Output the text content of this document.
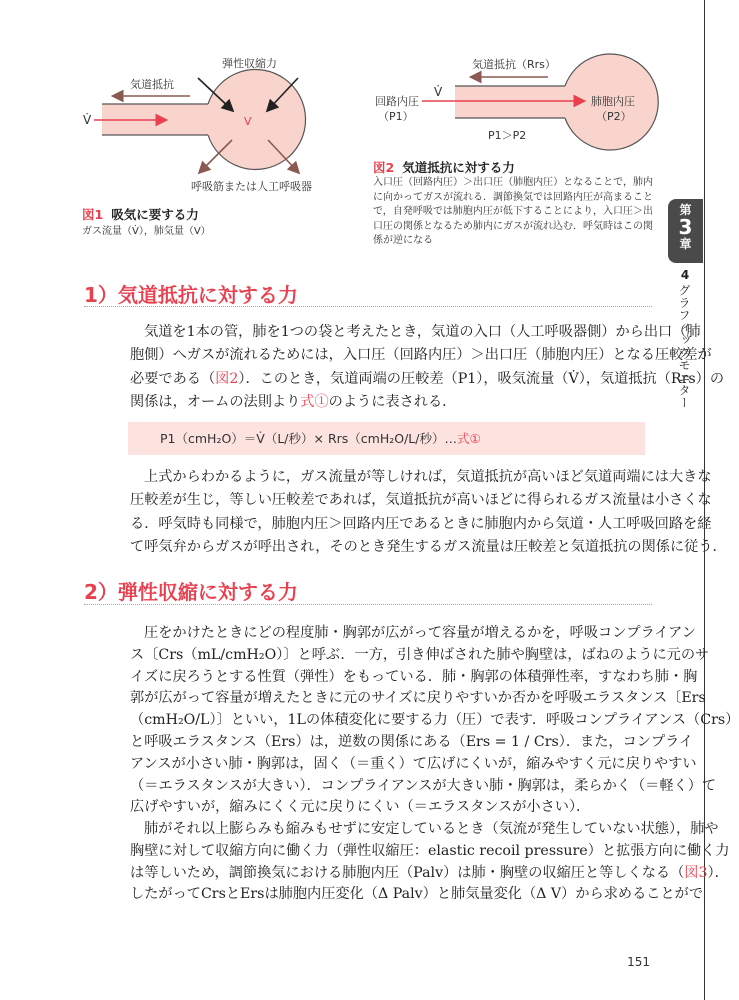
弾性収縮力
気道抵抗
V̇	V
呼吸筋または人工呼吸器
気道抵抗（Rrs）
V̇
回路内圧
（P1）
肺胞内圧
（P2）
P1＞P2
図1 吸気に要する力
ガス流量（V̇），肺気量（V）
図2 気道抵抗に対する力
入口圧（回路内圧）＞出口圧（肺胞内圧）となることで，肺内
に向かってガスが流れる．調節換気では回路内圧が高まること
で，自発呼吸では肺胞内圧が低下することにより，入口圧＞出
口圧の関係となるため肺内にガスが流れ込む．呼気時はこの関
係が逆になる
第
3
章
4
グラフィックモニター
1）気道抵抗に対する力
気道を1本の管，肺を1つの袋と考えたとき，気道の入口（人工呼吸器側）から出口（肺
胞側）へガスが流れるためには，入口圧（回路内圧）＞出口圧（肺胞内圧）となる圧較差が
必要である（図2）．このとき，気道両端の圧較差（P1），吸気流量（V̇），気道抵抗（Rrs）の
関係は，オームの法則より式①のように表される．
P1（cmH₂O）＝V̇（L/秒）× Rrs（cmH₂O/L/秒）…式①
上式からわかるように，ガス流量が等しければ，気道抵抗が高いほど気道両端には大きな
圧較差が生じ，等しい圧較差であれば，気道抵抗が高いほどに得られるガス流量は小さくな
る．呼気時も同様で，肺胞内圧＞回路内圧であるときに肺胞内から気道・人工呼吸回路を経
て呼気弁からガスが呼出され，そのとき発生するガス流量は圧較差と気道抵抗の関係に従う．
2）弾性収縮に対する力
圧をかけたときにどの程度肺・胸郭が広がって容量が増えるかを，呼吸コンプライアン
ス〔Crs（mL/cmH₂O）〕と呼ぶ．一方，引き伸ばされた肺や胸壁は，ばねのように元のサ
イズに戻ろうとする性質（弾性）をもっている．肺・胸郭の体積弾性率，すなわち肺・胸
郭が広がって容量が増えたときに元のサイズに戻りやすいか否かを呼吸エラスタンス〔Ers
（cmH₂O/L）〕といい，1Lの体積変化に要する力（圧）で表す．呼吸コンプライアンス（Crs）
と呼吸エラスタンス（Ers）は，逆数の関係にある（Ers = 1 / Crs）．また，コンプライ
アンスが小さい肺・胸郭は，固く（＝重く）て広げにくいが，縮みやすく元に戻りやすい
（＝エラスタンスが大きい）．コンプライアンスが大きい肺・胸郭は，柔らかく（＝軽く）て
広げやすいが，縮みにくく元に戻りにくい（＝エラスタンスが小さい）．
肺がそれ以上膨らみも縮みもせずに安定しているとき（気流が発生していない状態），肺や
胸壁に対して収縮方向に働く力（弾性収縮圧：elastic recoil pressure）と拡張方向に働く力
は等しいため，調節換気における肺胞内圧（Palv）は肺・胸壁の収縮圧と等しくなる（図3）．
したがってCrsとErsは肺胞内圧変化（Δ Palv）と肺気量変化（Δ V）から求めることがで
151
